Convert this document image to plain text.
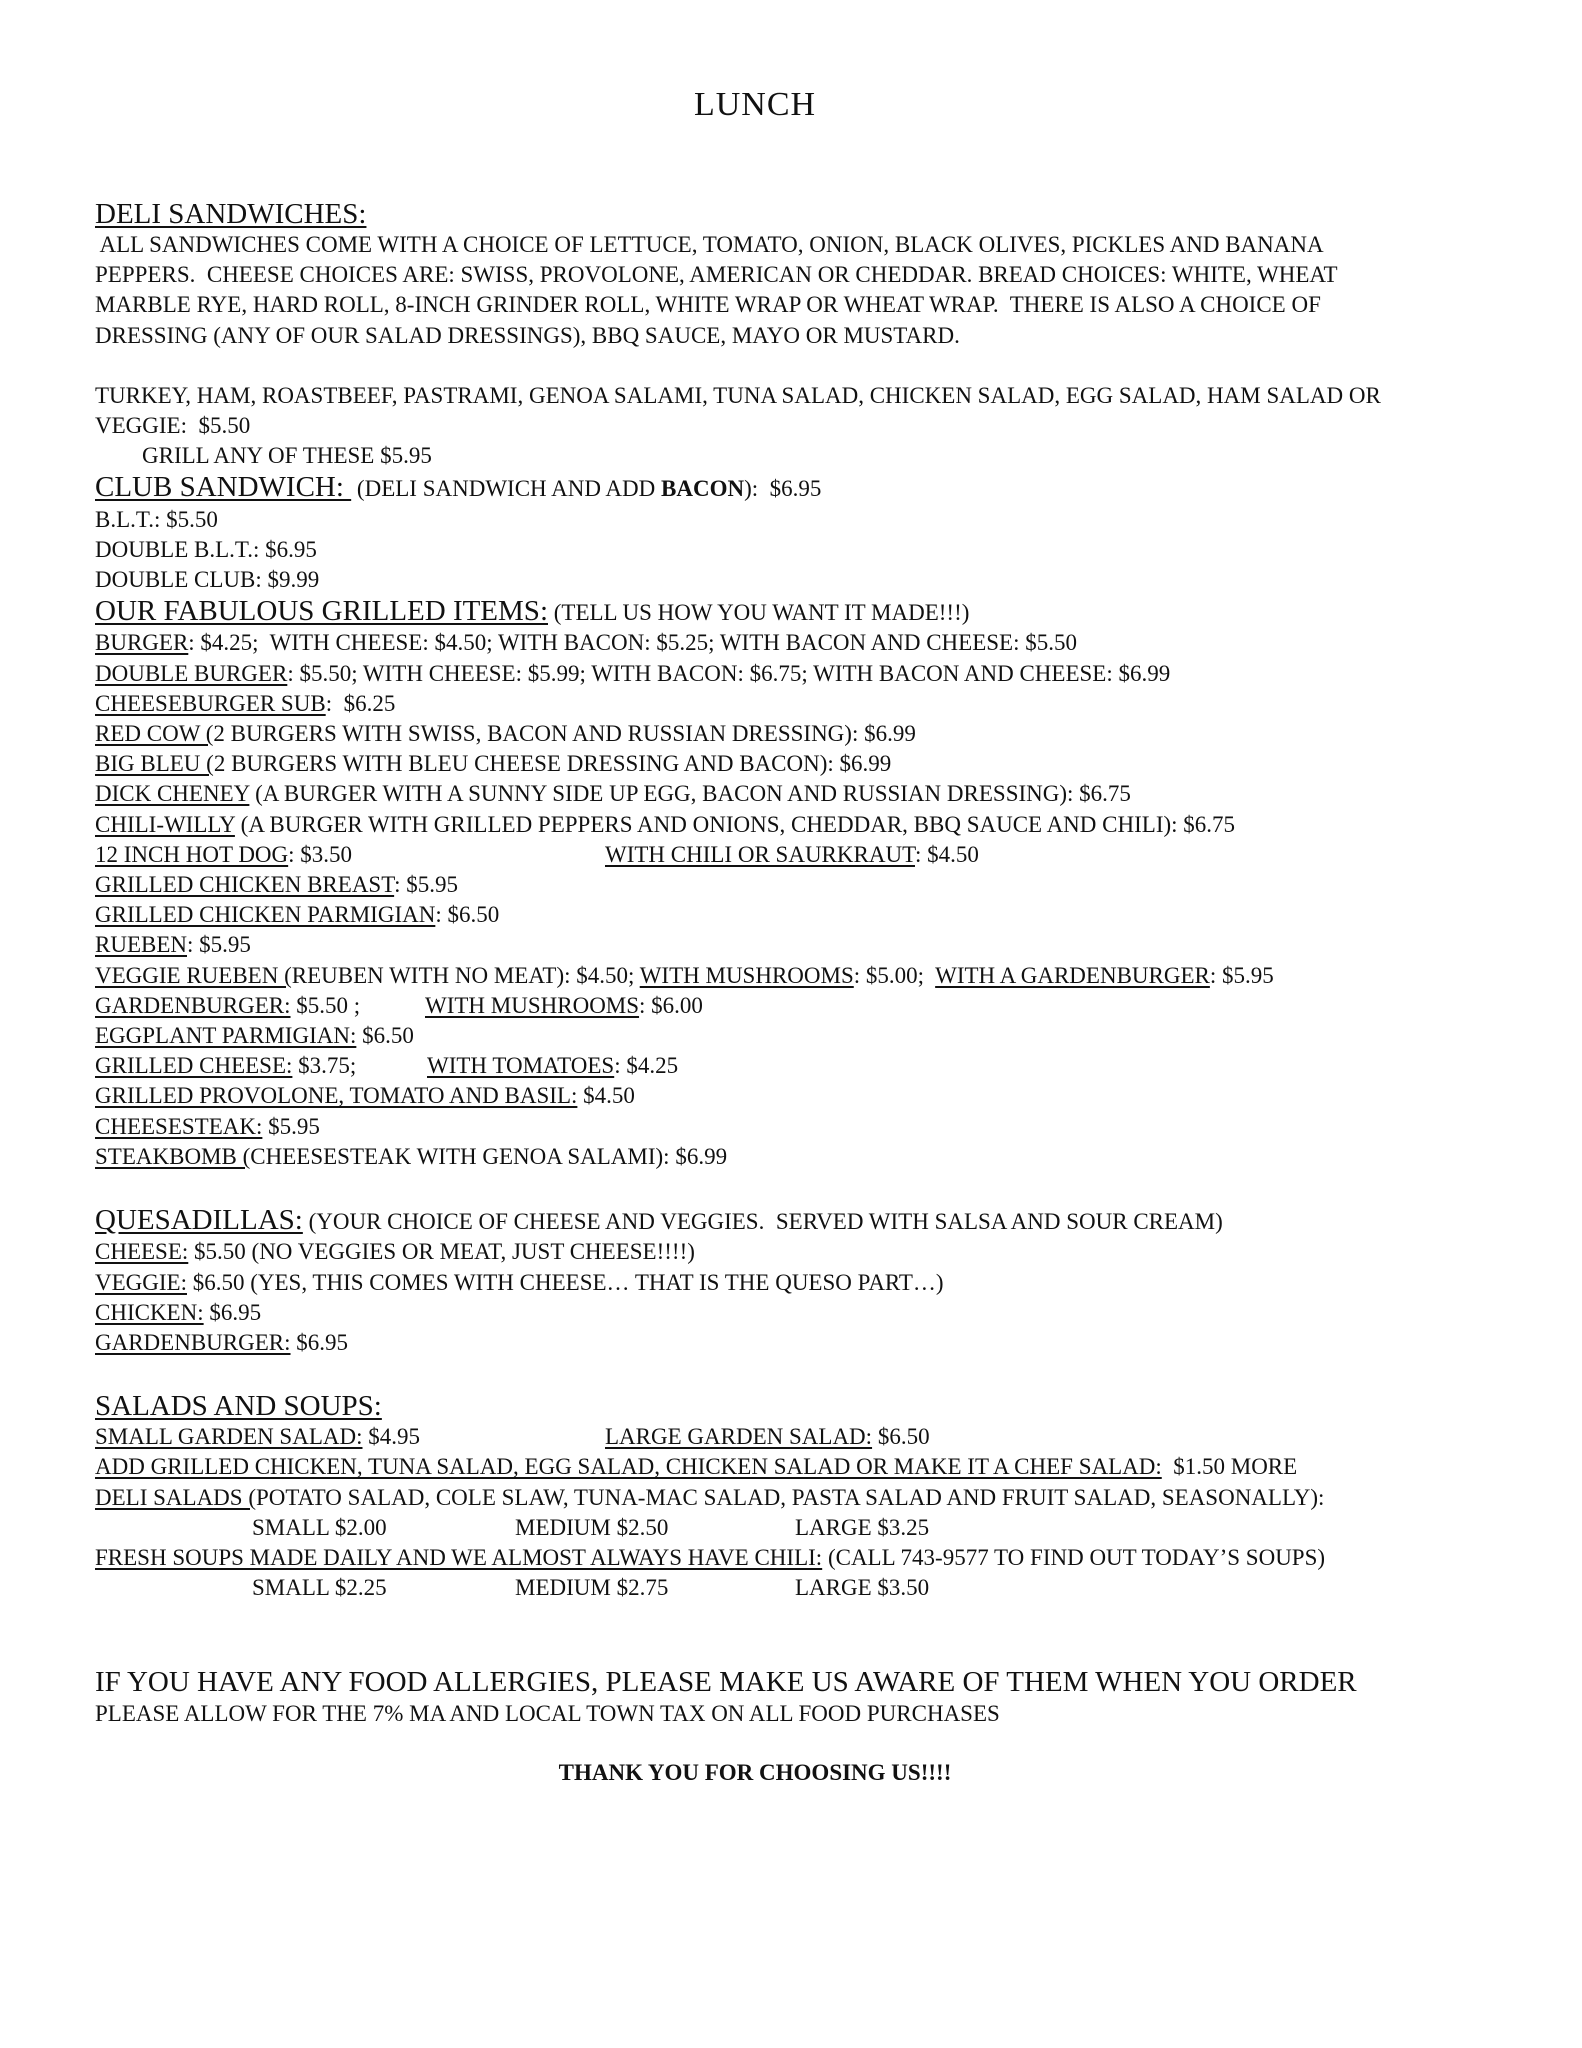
LUNCH
DELI SANDWICHES:
ALL SANDWICHES COME WITH A CHOICE OF LETTUCE, TOMATO, ONION, BLACK OLIVES, PICKLES AND BANANA
PEPPERS.  CHEESE CHOICES ARE: SWISS, PROVOLONE, AMERICAN OR CHEDDAR. BREAD CHOICES: WHITE, WHEAT
MARBLE RYE, HARD ROLL, 8-INCH GRINDER ROLL, WHITE WRAP OR WHEAT WRAP.  THERE IS ALSO A CHOICE OF
DRESSING (ANY OF OUR SALAD DRESSINGS), BBQ SAUCE, MAYO OR MUSTARD.
TURKEY, HAM, ROASTBEEF, PASTRAMI, GENOA SALAMI, TUNA SALAD, CHICKEN SALAD, EGG SALAD, HAM SALAD OR
VEGGIE:  $5.50
GRILL ANY OF THESE $5.95
CLUB SANDWICH:  (DELI SANDWICH AND ADD BACON):  $6.95
B.L.T.: $5.50
DOUBLE B.L.T.: $6.95
DOUBLE CLUB: $9.99
OUR FABULOUS GRILLED ITEMS: (TELL US HOW YOU WANT IT MADE!!!)
BURGER: $4.25;  WITH CHEESE: $4.50; WITH BACON: $5.25; WITH BACON AND CHEESE: $5.50
DOUBLE BURGER: $5.50; WITH CHEESE: $5.99; WITH BACON: $6.75; WITH BACON AND CHEESE: $6.99
CHEESEBURGER SUB:  $6.25
RED COW (2 BURGERS WITH SWISS, BACON AND RUSSIAN DRESSING): $6.99
BIG BLEU (2 BURGERS WITH BLEU CHEESE DRESSING AND BACON): $6.99
DICK CHENEY (A BURGER WITH A SUNNY SIDE UP EGG, BACON AND RUSSIAN DRESSING): $6.75
CHILI-WILLY (A BURGER WITH GRILLED PEPPERS AND ONIONS, CHEDDAR, BBQ SAUCE AND CHILI): $6.75
12 INCH HOT DOG: $3.50	WITH CHILI OR SAURKRAUT: $4.50
GRILLED CHICKEN BREAST: $5.95
GRILLED CHICKEN PARMIGIAN: $6.50
RUEBEN: $5.95
VEGGIE RUEBEN (REUBEN WITH NO MEAT): $4.50; WITH MUSHROOMS: $5.00;  WITH A GARDENBURGER: $5.95
GARDENBURGER: $5.50 ;	WITH MUSHROOMS: $6.00
EGGPLANT PARMIGIAN: $6.50
GRILLED CHEESE: $3.75;	WITH TOMATOES: $4.25
GRILLED PROVOLONE, TOMATO AND BASIL: $4.50
CHEESESTEAK: $5.95
STEAKBOMB (CHEESESTEAK WITH GENOA SALAMI): $6.99
QUESADILLAS: (YOUR CHOICE OF CHEESE AND VEGGIES.  SERVED WITH SALSA AND SOUR CREAM)
CHEESE: $5.50 (NO VEGGIES OR MEAT, JUST CHEESE!!!!)
VEGGIE: $6.50 (YES, THIS COMES WITH CHEESE… THAT IS THE QUESO PART…)
CHICKEN: $6.95
GARDENBURGER: $6.95
SALADS AND SOUPS:
SMALL GARDEN SALAD: $4.95	LARGE GARDEN SALAD: $6.50
ADD GRILLED CHICKEN, TUNA SALAD, EGG SALAD, CHICKEN SALAD OR MAKE IT A CHEF SALAD:  $1.50 MORE
DELI SALADS (POTATO SALAD, COLE SLAW, TUNA-MAC SALAD, PASTA SALAD AND FRUIT SALAD, SEASONALLY):
SMALL $2.00	MEDIUM $2.50	LARGE $3.25

FRESH SOUPS MADE DAILY AND WE ALMOST ALWAYS HAVE CHILI: (CALL 743-9577 TO FIND OUT TODAY’S SOUPS)
SMALL $2.25	MEDIUM $2.75	LARGE $3.50

IF YOU HAVE ANY FOOD ALLERGIES, PLEASE MAKE US AWARE OF THEM WHEN YOU ORDER
PLEASE ALLOW FOR THE 7% MA AND LOCAL TOWN TAX ON ALL FOOD PURCHASES
THANK YOU FOR CHOOSING US!!!!
